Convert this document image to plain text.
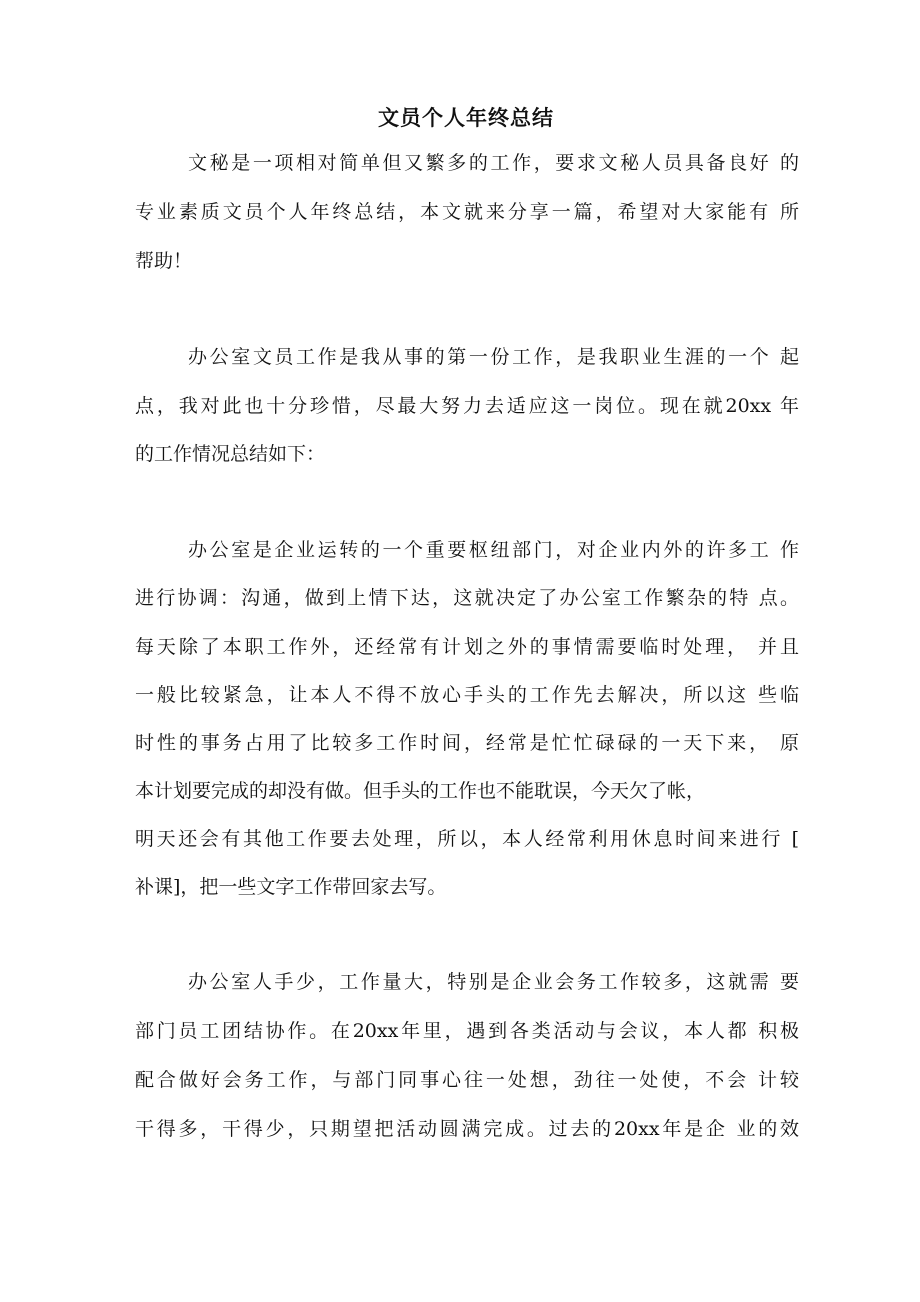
文员个人年终总结
文秘是一项相对简单但又繁多的工作，要求文秘人员具备良好 的
专业素质文员个人年终总结，本文就来分享一篇，希望对大家能有 所
帮助！
办公室文员工作是我从事的第一份工作，是我职业生涯的一个 起
点，我对此也十分珍惜，尽最大努力去适应这一岗位。现在就20xx 年
的工作情况总结如下：
办公室是企业运转的一个重要枢纽部门，对企业内外的许多工 作
进行协调：沟通，做到上情下达，这就决定了办公室工作繁杂的特 点。
每天除了本职工作外，还经常有计划之外的事情需要临时处理， 并且
一般比较紧急，让本人不得不放心手头的工作先去解决，所以这 些临
时性的事务占用了比较多工作时间，经常是忙忙碌碌的一天下来， 原
本计划要完成的却没有做。但手头的工作也不能耽误，今天欠了帐，
明天还会有其他工作要去处理，所以，本人经常利用休息时间来进行 [
补课]，把一些文字工作带回家去写。
办公室人手少，工作量大，特别是企业会务工作较多，这就需 要
部门员工团结协作。在20xx年里，遇到各类活动与会议，本人都 积极
配合做好会务工作，与部门同事心往一处想，劲往一处使，不会 计较
干得多，干得少，只期望把活动圆满完成。过去的20xx年是企 业的效
